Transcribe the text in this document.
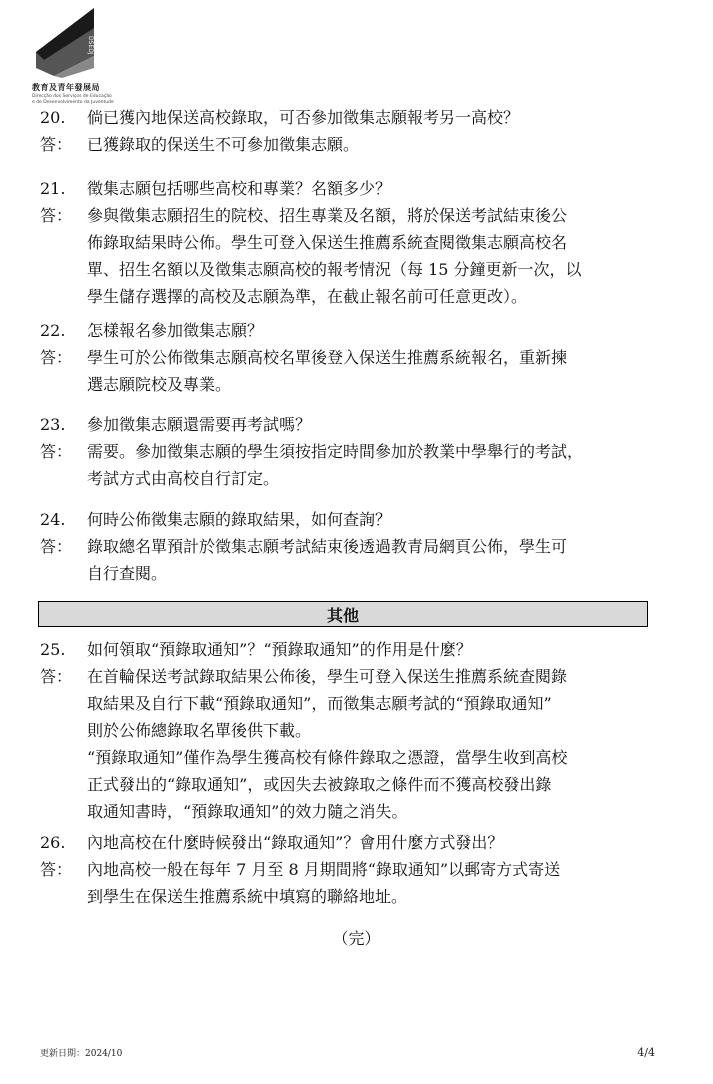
DSEDJ
教育及青年發展局
Direcção dos Serviços de Educação
e de Desenvolvimento da Juventude
20.	倘已獲內地保送高校錄取，可否參加徵集志願報考另一高校？
答： 已獲錄取的保送生不可參加徵集志願。
21.	徵集志願包括哪些高校和專業？名額多少？
答： 參與徵集志願招生的院校、招生專業及名額，將於保送考試結束後公
佈錄取結果時公佈。學生可登入保送生推薦系統查閱徵集志願高校名
單、招生名額以及徵集志願高校的報考情況（每 15 分鐘更新一次，以
學生儲存選擇的高校及志願為準，在截止報名前可任意更改）。
22.	怎樣報名參加徵集志願？
答： 學生可於公佈徵集志願高校名單後登入保送生推薦系統報名，重新揀
選志願院校及專業。
23.	參加徵集志願還需要再考試嗎？
答： 需要。參加徵集志願的學生須按指定時間參加於教業中學舉行的考試，
考試方式由高校自行訂定。
24.	何時公佈徵集志願的錄取結果，如何查詢？
答： 錄取總名單預計於徵集志願考試結束後透過教青局網頁公佈，學生可
自行查閱。
其他
25.	如何領取“預錄取通知”？“預錄取通知”的作用是什麼？
答： 在首輪保送考試錄取結果公佈後，學生可登入保送生推薦系統查閱錄
取結果及自行下載“預錄取通知”，而徵集志願考試的“預錄取通知”
則於公佈總錄取名單後供下載。
“預錄取通知”僅作為學生獲高校有條件錄取之憑證，當學生收到高校
正式發出的“錄取通知”，或因失去被錄取之條件而不獲高校發出錄
取通知書時，“預錄取通知”的效力隨之消失。
26.	內地高校在什麼時候發出“錄取通知”？會用什麼方式發出？
答： 內地高校一般在每年 7 月至 8 月期間將“錄取通知”以郵寄方式寄送
到學生在保送生推薦系統中填寫的聯絡地址。
（完）
更新日期：2024/10	4/4
